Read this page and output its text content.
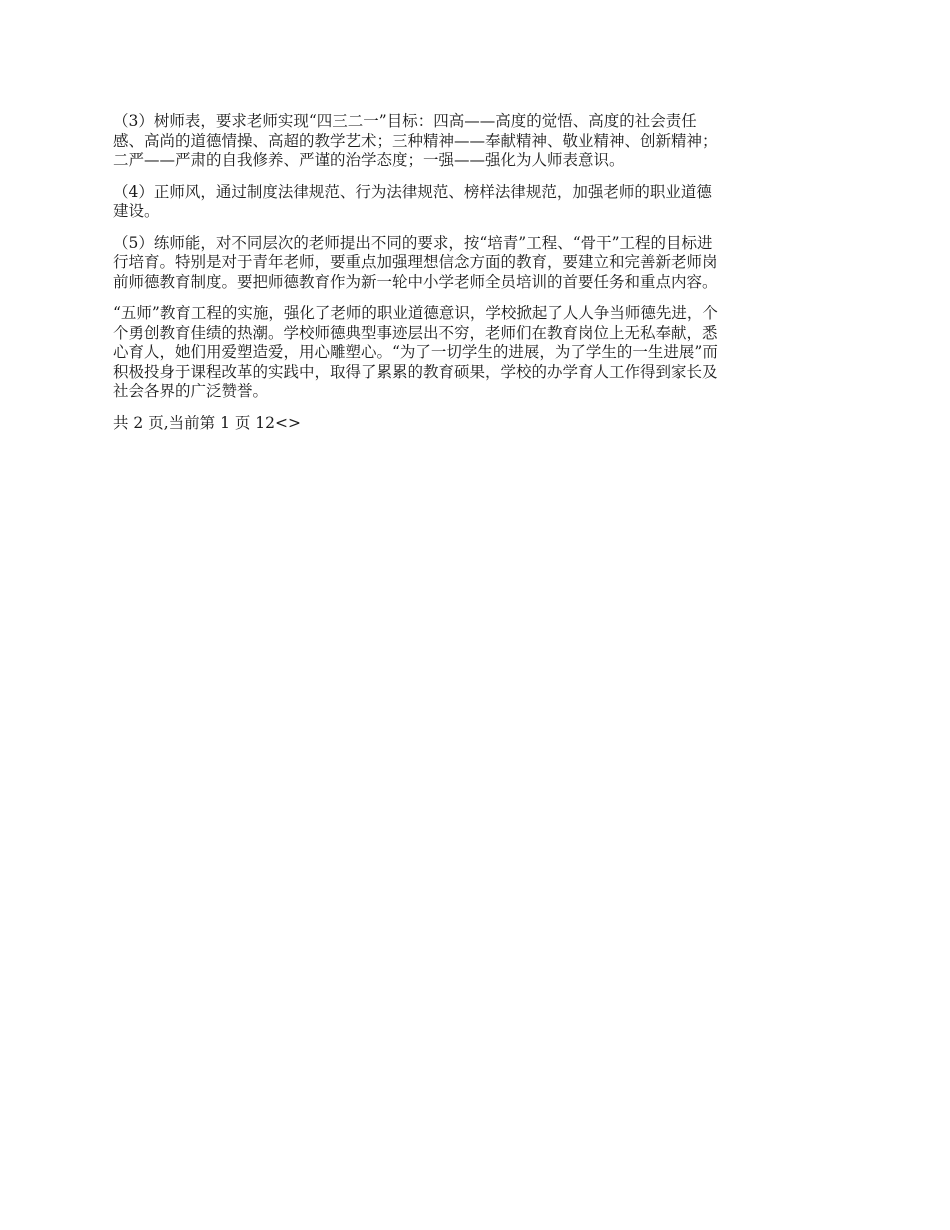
（3）树师表，要求老师实现“四三二一”目标：四高——高度的觉悟、高度的社会责任
感、高尚的道德情操、高超的教学艺术；三种精神——奉献精神、敬业精神、创新精神；
二严——严肃的自我修养、严谨的治学态度；一强——强化为人师表意识。

（4）正师风，通过制度法律规范、行为法律规范、榜样法律规范，加强老师的职业道德
建设。

（5）练师能，对不同层次的老师提出不同的要求，按“培青”工程、“骨干”工程的目标进
行培育。特别是对于青年老师，要重点加强理想信念方面的教育，要建立和完善新老师岗
前师德教育制度。要把师德教育作为新一轮中小学老师全员培训的首要任务和重点内容。

“五师”教育工程的实施，强化了老师的职业道德意识，学校掀起了人人争当师德先进，个
个勇创教育佳绩的热潮。学校师德典型事迹层出不穷，老师们在教育岗位上无私奉献，悉
心育人，她们用爱塑造爱，用心雕塑心。“为了一切学生的进展，为了学生的一生进展”而
积极投身于课程改革的实践中，取得了累累的教育硕果，学校的办学育人工作得到家长及
社会各界的广泛赞誉。

共 2 页,当前第 1 页 12<>
